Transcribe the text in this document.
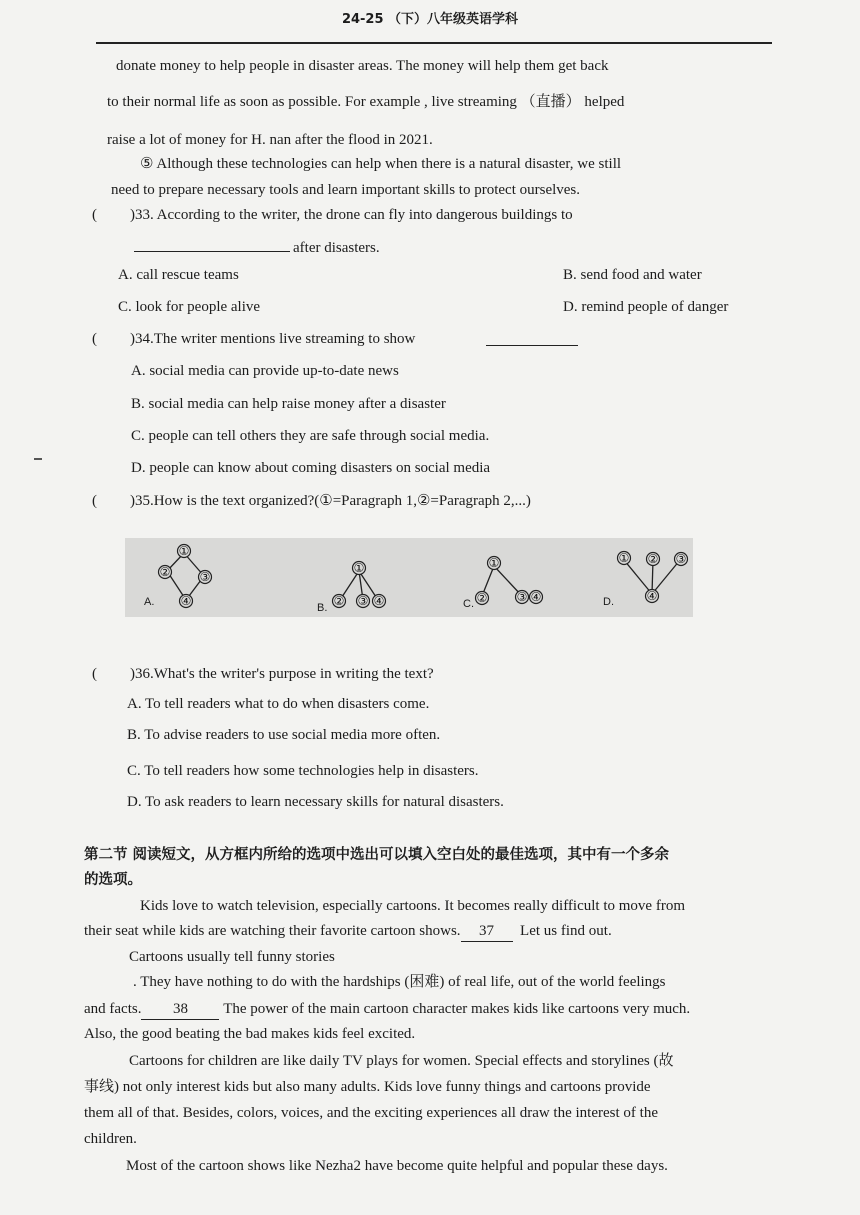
24-25 （下）八年级英语学科
donate money to help people in disaster areas. The money will help them get back
to their normal life as soon as possible. For example , live streaming （直播） helped
raise a lot of money for H. nan after the flood in 2021.
⑤ Although these technologies can help when there is a natural disaster, we still
need to prepare necessary tools and learn important skills to protect ourselves.
( )33. According to the writer, the drone can fly into dangerous buildings to
after disasters.
A. call rescue teams	B. send food and water
C. look for people alive	D. remind people of danger
( )34.The writer mentions live streaming to show
A. social media can provide up-to-date news
B. social media can help raise money after a disaster
C. people can tell others they are safe through social media.
D. people can know about coming disasters on social media
( )35.How is the text organized?(①=Paragraph 1,②=Paragraph 2,...)
①
② ③
④
①
② ③ ④
①
② ③ ④
① ② ③
④
A.	B.	C.	D.
( )36.What's the writer's purpose in writing the text?
A. To tell readers what to do when disasters come.
B. To advise readers to use social media more often.
C. To tell readers how some technologies help in disasters.
D. To ask readers to learn necessary skills for natural disasters.
第二节 阅读短文，从方框内所给的选项中选出可以填入空白处的最佳选项，其中有一个多余
的选项。
Kids love to watch television, especially cartoons. It becomes really difficult to move from
their seat while kids are watching their favorite cartoon shows. 37 Let us find out.
Cartoons usually tell funny stories
. They have nothing to do with the hardships (困难) of real life, out of the world feelings
and facts. 38 The power of the main cartoon character makes kids like cartoons very much.
Also, the good beating the bad makes kids feel excited.
Cartoons for children are like daily TV plays for women. Special effects and storylines (故
事线) not only interest kids but also many adults. Kids love funny things and cartoons provide
them all of that. Besides, colors, voices, and the exciting experiences all draw the interest of the
children.
Most of the cartoon shows like Nezha2 have become quite helpful and popular these days.
